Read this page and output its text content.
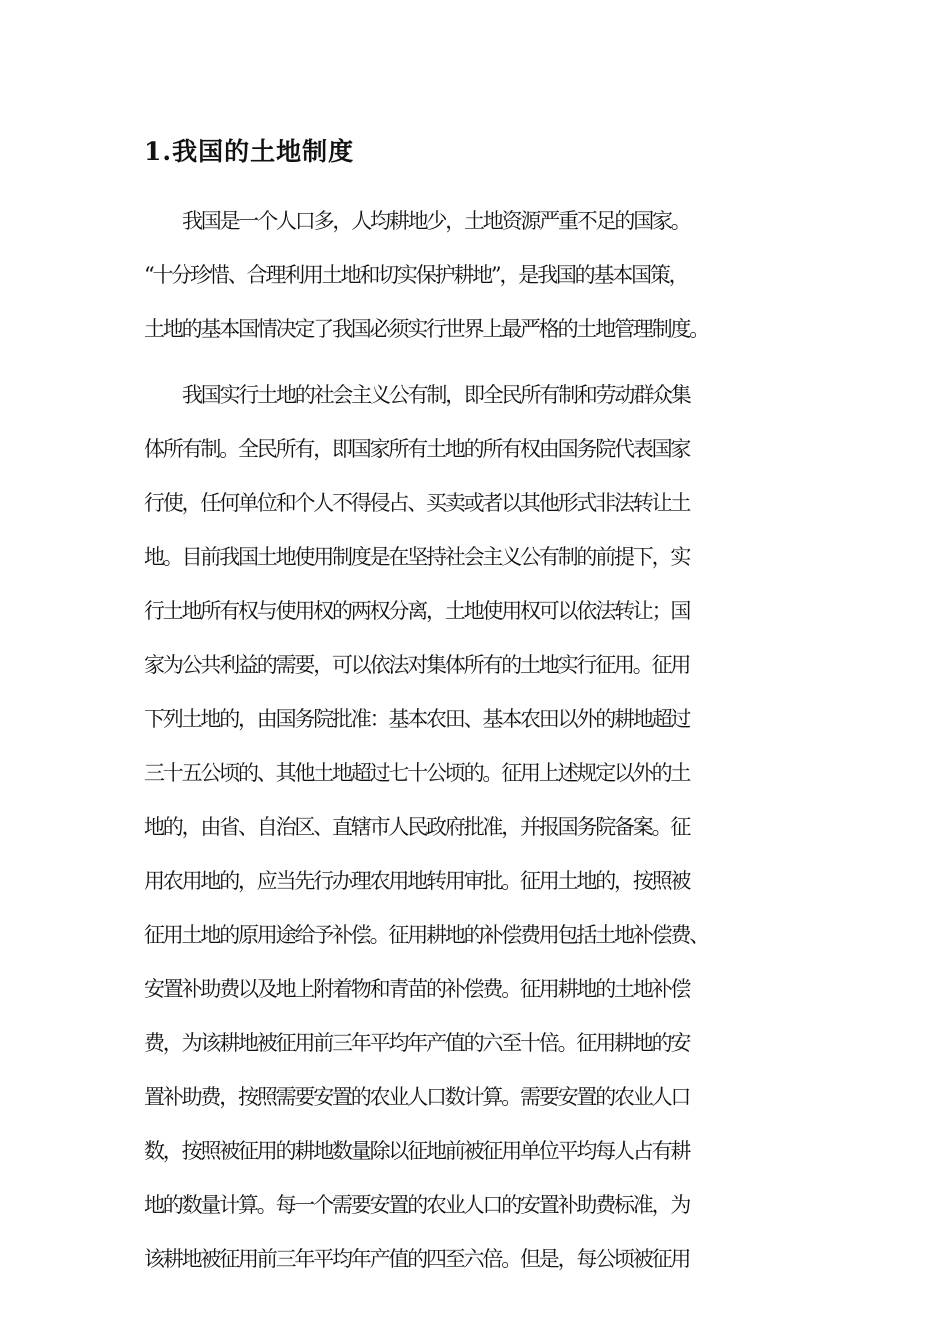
1.我国的土地制度
我国是一个人口多，人均耕地少，土地资源严重不足的国家。
“十分珍惜、合理利用土地和切实保护耕地”，是我国的基本国策，
土地的基本国情决定了我国必须实行世界上最严格的土地管理制度。
我国实行土地的社会主义公有制，即全民所有制和劳动群众集
体所有制。全民所有，即国家所有土地的所有权由国务院代表国家
行使，任何单位和个人不得侵占、买卖或者以其他形式非法转让土
地。目前我国土地使用制度是在坚持社会主义公有制的前提下，实
行土地所有权与使用权的两权分离，土地使用权可以依法转让；国
家为公共利益的需要，可以依法对集体所有的土地实行征用。征用
下列土地的，由国务院批准：基本农田、基本农田以外的耕地超过
三十五公顷的、其他土地超过七十公顷的。征用上述规定以外的土
地的，由省、自治区、直辖市人民政府批准，并报国务院备案。征
用农用地的，应当先行办理农用地转用审批。征用土地的，按照被
征用土地的原用途给予补偿。征用耕地的补偿费用包括土地补偿费、
安置补助费以及地上附着物和青苗的补偿费。征用耕地的土地补偿
费，为该耕地被征用前三年平均年产值的六至十倍。征用耕地的安
置补助费，按照需要安置的农业人口数计算。需要安置的农业人口
数，按照被征用的耕地数量除以征地前被征用单位平均每人占有耕
地的数量计算。每一个需要安置的农业人口的安置补助费标准，为
该耕地被征用前三年平均年产值的四至六倍。但是，每公顷被征用
